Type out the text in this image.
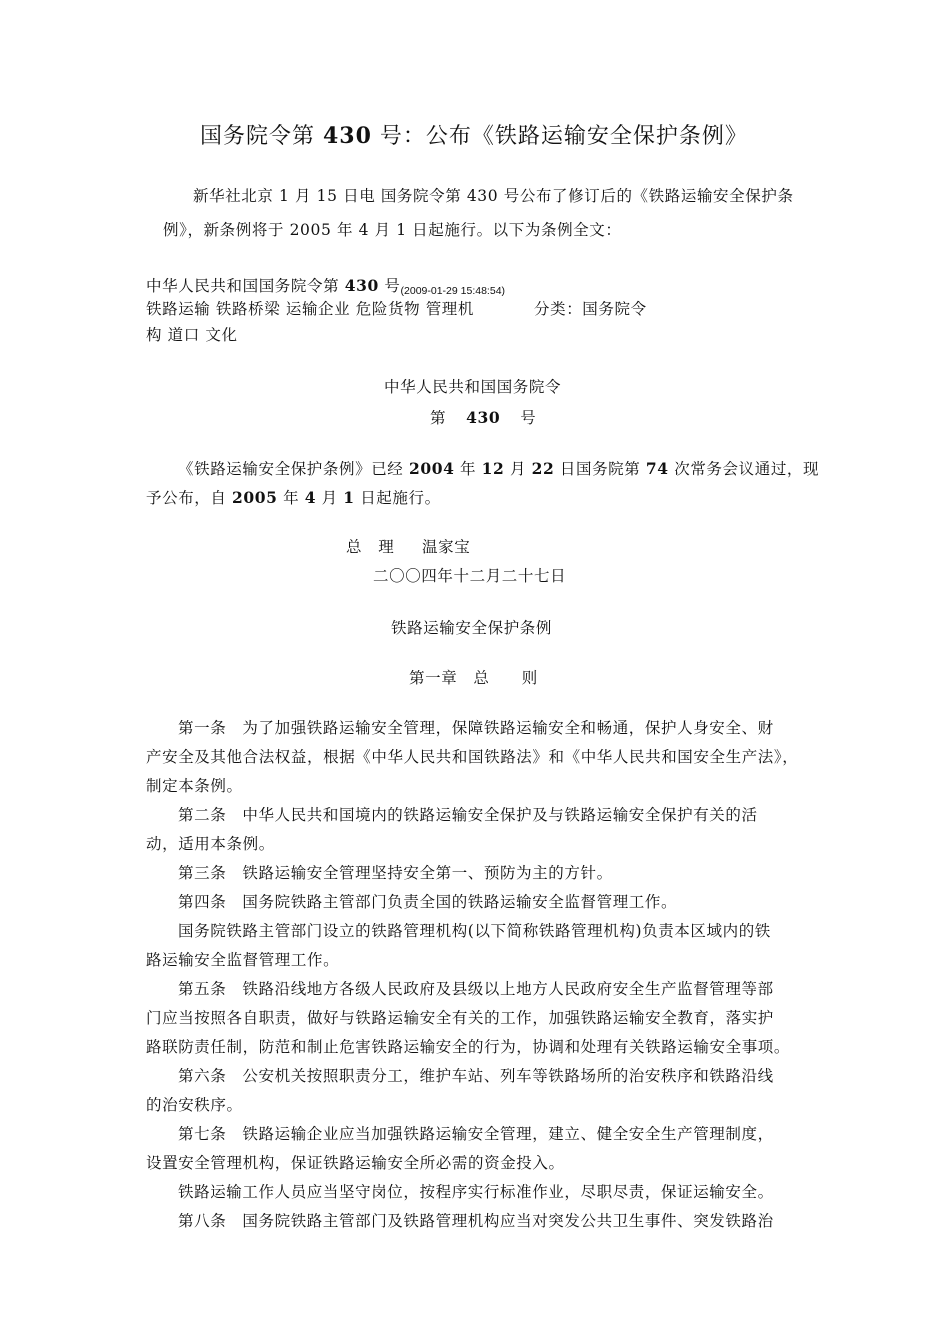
国务院令第 430 号：公布《铁路运输安全保护条例》
新华社北京 1 月 15 日电 国务院令第 430 号公布了修订后的《铁路运输安全保护条
例》，新条例将于 2005 年 4 月 1 日起施行。以下为条例全文：
中华人民共和国国务院令第 430 号(2009-01-29 15:48:54)
铁路运输 铁路桥梁 运输企业 危险货物 管理机	分类：国务院令
构 道口 文化
中华人民共和国国务院令
第 430 号
《铁路运输安全保护条例》已经 2004 年 12 月 22 日国务院第 74 次常务会议通过，现
予公布，自 2005 年 4 月 1 日起施行。
总　理 温家宝
二〇〇四年十二月二十七日
铁路运输安全保护条例
第一章　总　　则
第一条　为了加强铁路运输安全管理，保障铁路运输安全和畅通，保护人身安全、财
产安全及其他合法权益，根据《中华人民共和国铁路法》和《中华人民共和国安全生产法》，
制定本条例。
第二条　中华人民共和国境内的铁路运输安全保护及与铁路运输安全保护有关的活
动，适用本条例。
第三条　铁路运输安全管理坚持安全第一、预防为主的方针。
第四条　国务院铁路主管部门负责全国的铁路运输安全监督管理工作。
国务院铁路主管部门设立的铁路管理机构(以下简称铁路管理机构)负责本区域内的铁
路运输安全监督管理工作。
第五条　铁路沿线地方各级人民政府及县级以上地方人民政府安全生产监督管理等部
门应当按照各自职责，做好与铁路运输安全有关的工作，加强铁路运输安全教育，落实护
路联防责任制，防范和制止危害铁路运输安全的行为，协调和处理有关铁路运输安全事项。
第六条　公安机关按照职责分工，维护车站、列车等铁路场所的治安秩序和铁路沿线
的治安秩序。
第七条　铁路运输企业应当加强铁路运输安全管理，建立、健全安全生产管理制度，
设置安全管理机构，保证铁路运输安全所必需的资金投入。
铁路运输工作人员应当坚守岗位，按程序实行标准作业，尽职尽责，保证运输安全。
第八条　国务院铁路主管部门及铁路管理机构应当对突发公共卫生事件、突发铁路治
